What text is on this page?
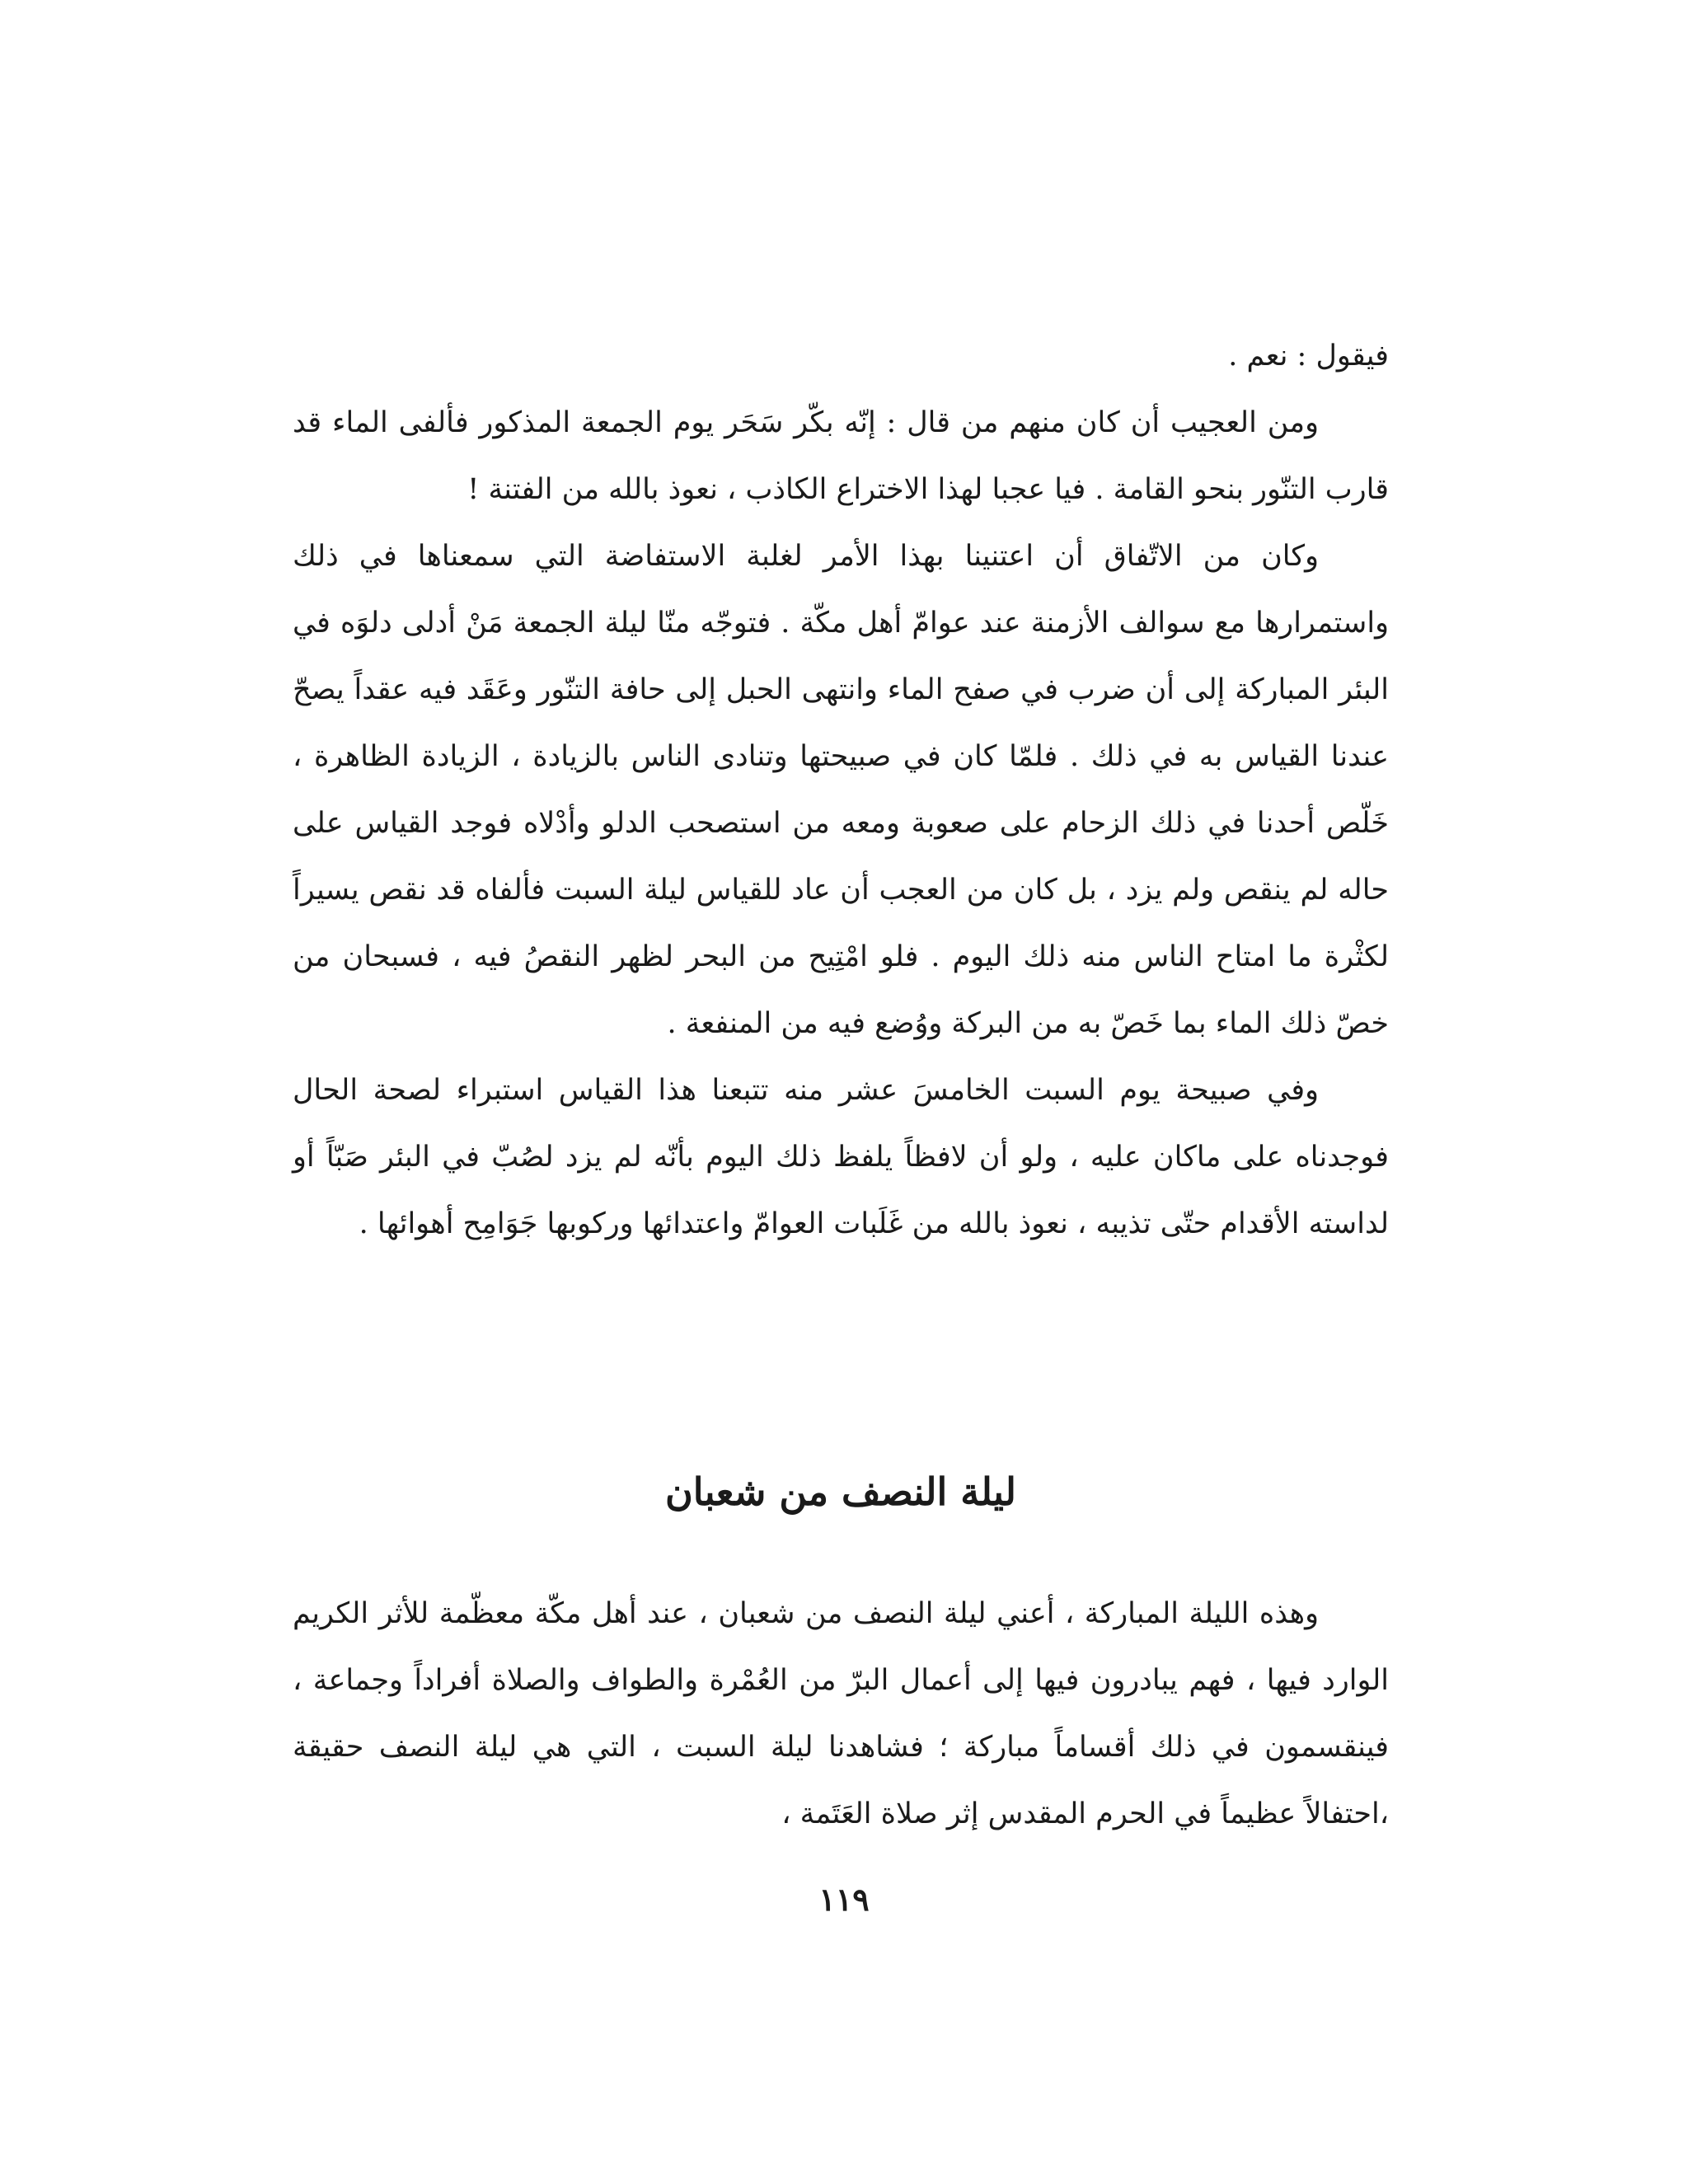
فيقول : نعم .

ومن العجيب أن كان منهم من قال : إنّه بكّر سَحَر يوم الجمعة المذكور فألفى الماء قد قارب التنّور بنحو القامة . فيا عجبا لهذا الاختراع الكاذب ، نعوذ بالله من الفتنة !

وكان من الاتّفاق أن اعتنينا بهذا الأمر لغلبة الاستفاضة التي سمعناها في ذلك واستمرارها مع سوالف الأزمنة عند عوامّ أهل مكّة . فتوجّه منّا ليلة الجمعة مَنْ أدلى دلوَه في البئر المباركة إلى أن ضرب في صفح الماء وانتهى الحبل إلى حافة التنّور وعَقَد فيه عقداً يصحّ عندنا القياس به في ذلك . فلمّا كان في صبيحتها وتنادى الناس بالزيادة ، الزيادة الظاهرة ، خَلّص أحدنا في ذلك الزحام على صعوبة ومعه من استصحب الدلو وأدْلاه فوجد القياس على حاله لم ينقص ولم يزد ، بل كان من العجب أن عاد للقياس ليلة السبت فألفاه قد نقص يسيراً لكثْرة ما امتاح الناس منه ذلك اليوم . فلو امْتِيح من البحر لظهر النقصُ فيه ، فسبحان من خصّ ذلك الماء بما خَصّ به من البركة ووُضع فيه من المنفعة .

وفي صبيحة يوم السبت الخامسَ عشر منه تتبعنا هذا القياس استبراء لصحة الحال فوجدناه على ماكان عليه ، ولو أن لافظاً يلفظ ذلك اليوم بأنّه لم يزد لصُبّ في البئر صَبّاً أو لداسته الأقدام حتّى تذيبه ، نعوذ بالله من غَلَبات العوامّ واعتدائها وركوبها جَوَامِح أهوائها .

ليلة النصف من شعبان

وهذه الليلة المباركة ، أعني ليلة النصف من شعبان ، عند أهل مكّة معظّمة للأثر الكريم الوارد فيها ، فهم يبادرون فيها إلى أعمال البرّ من العُمْرة والطواف والصلاة أفراداً وجماعة ، فينقسمون في ذلك أقساماً مباركة ؛ فشاهدنا ليلة السبت ، التي هي ليلة النصف حقيقة ،احتفالاً عظيماً في الحرم المقدس إثر صلاة العَتَمة ،

١١٩
